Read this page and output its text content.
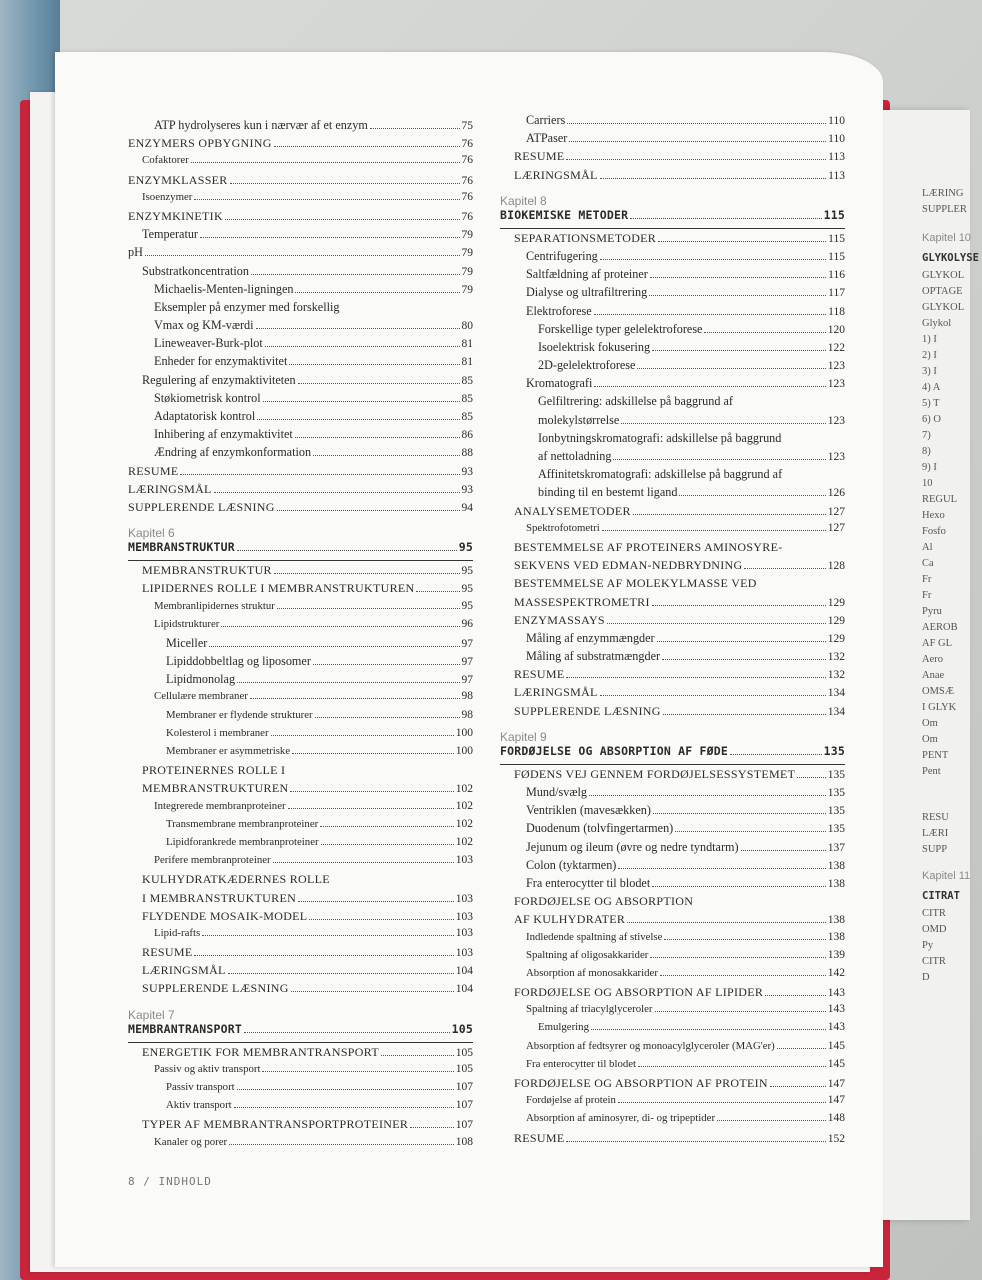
LÆRING
SUPPLER
Kapitel 10
GLYKOLYSE
GLYKOL
OPTAGE
GLYKOL
Glykol
1) I
2) I
3) I
4) A
5) T
6) O
7)
8)
9) I
10
REGUL
Hexo
Fosfo
Al
Ca
Fr
Fr
Pyru
AEROB
AF GL
Aero
Anae
OMSÆ
I GLYK
Om
Om
PENT
Pent
RESU
LÆRI
SUPP
Kapitel 11
CITRAT
CITR
OMD
Py
CITR
D
ATP hydrolyseres kun i nærvær af et enzym	75
ENZYMERS OPBYGNING	76
Cofaktorer	76
ENZYMKLASSER	76
Isoenzymer	76
ENZYMKINETIK	76
Temperatur	79
pH	79
Substratkoncentration	79
Michaelis-Menten-ligningen	79
Eksempler på enzymer med forskellig
Vmax og KM-værdi	80
Lineweaver-Burk-plot	81
Enheder for enzymaktivitet	81
Regulering af enzymaktiviteten	85
Støkiometrisk kontrol	85
Adaptatorisk kontrol	85
Inhibering af enzymaktivitet	86
Ændring af enzymkonformation	88
RESUME	93
LÆRINGSMÅL	93
SUPPLERENDE LÆSNING	94
Kapitel 6
MEMBRANSTRUKTUR	95
MEMBRANSTRUKTUR	95
LIPIDERNES ROLLE I MEMBRANSTRUKTUREN	95
Membranlipidernes struktur	95
Lipidstrukturer	96
Miceller	97
Lipiddobbeltlag og liposomer	97
Lipidmonolag	97
Cellulære membraner	98
Membraner er flydende strukturer	98
Kolesterol i membraner	100
Membraner er asymmetriske	100
PROTEINERNES ROLLE I
MEMBRANSTRUKTUREN	102
Integrerede membranproteiner	102
Transmembrane membranproteiner	102
Lipidforankrede membranproteiner	102
Perifere membranproteiner	103
KULHYDRATKÆDERNES ROLLE
I MEMBRANSTRUKTUREN	103
FLYDENDE MOSAIK-MODEL	103
Lipid-rafts	103
RESUME	103
LÆRINGSMÅL	104
SUPPLERENDE LÆSNING	104
Kapitel 7
MEMBRANTRANSPORT	105
ENERGETIK FOR MEMBRANTRANSPORT	105
Passiv og aktiv transport	105
Passiv transport	107
Aktiv transport	107
TYPER AF MEMBRANTRANSPORTPROTEINER	107
Kanaler og porer	108
Carriers	110
ATPaser	110
RESUME	113
LÆRINGSMÅL	113
Kapitel 8
BIOKEMISKE METODER	115
SEPARATIONSMETODER	115
Centrifugering	115
Saltfældning af proteiner	116
Dialyse og ultrafiltrering	117
Elektroforese	118
Forskellige typer gelelektroforese	120
Isoelektrisk fokusering	122
2D-gelelektroforese	123
Kromatografi	123
Gelfiltrering: adskillelse på baggrund af
molekylstørrelse	123
Ionbytningskromatografi: adskillelse på baggrund
af nettoladning	123
Affinitetskromatografi: adskillelse på baggrund af
binding til en bestemt ligand	126
ANALYSEMETODER	127
Spektrofotometri	127
BESTEMMELSE AF PROTEINERS AMINOSYRE-
SEKVENS VED EDMAN-NEDBRYDNING	128
BESTEMMELSE AF MOLEKYLMASSE VED
MASSESPEKTROMETRI	129
ENZYMASSAYS	129
Måling af enzymmængder	129
Måling af substratmængder	132
RESUME	132
LÆRINGSMÅL	134
SUPPLERENDE LÆSNING	134
Kapitel 9
FORDØJELSE OG ABSORPTION AF FØDE	135
FØDENS VEJ GENNEM FORDØJELSESSYSTEMET	135
Mund/svælg	135
Ventriklen (mavesækken)	135
Duodenum (tolvfingertarmen)	135
Jejunum og ileum (øvre og nedre tyndtarm)	137
Colon (tyktarmen)	138
Fra enterocytter til blodet	138
FORDØJELSE OG ABSORPTION
AF KULHYDRATER	138
Indledende spaltning af stivelse	138
Spaltning af oligosakkarider	139
Absorption af monosakkarider	142
FORDØJELSE OG ABSORPTION AF LIPIDER	143
Spaltning af triacylglyceroler	143
Emulgering	143
Absorption af fedtsyrer og monoacylglyceroler (MAG'er)	145
Fra enterocytter til blodet	145
FORDØJELSE OG ABSORPTION AF PROTEIN	147
Fordøjelse af protein	147
Absorption af aminosyrer, di- og tripeptider	148
RESUME	152
8 / INDHOLD
